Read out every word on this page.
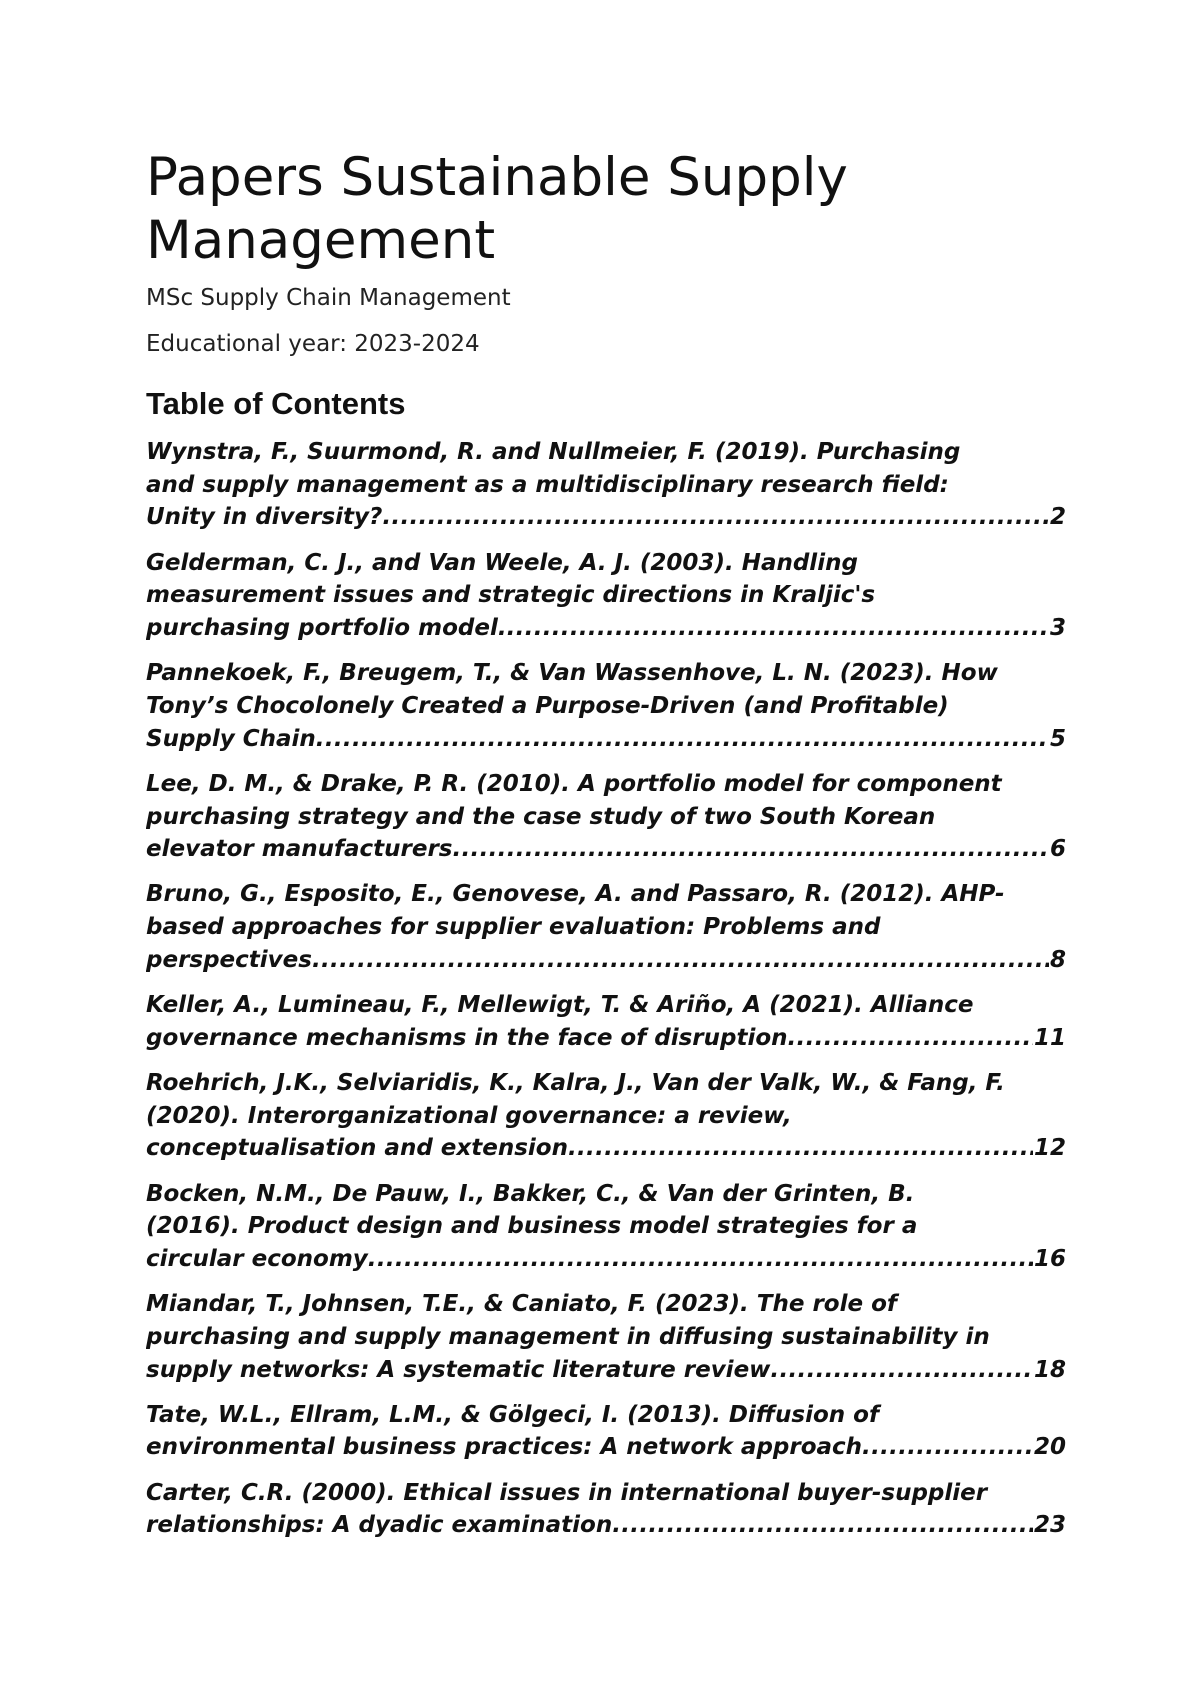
Papers Sustainable Supply Management

MSc Supply Chain Management

Educational year: 2023-2024

Table of Contents
Wynstra, F., Suurmond, R. and Nullmeier, F. (2019). Purchasing
and supply management as a multidisciplinary research field:
Unity in diversity? .....	2
Gelderman, C. J., and Van Weele, A. J. (2003). Handling
measurement issues and strategic directions in Kraljic's
purchasing portfolio model. .....	3
Pannekoek, F., Breugem, T., & Van Wassenhove, L. N. (2023). How
Tony’s Chocolonely Created a Purpose-Driven (and Profitable)
Supply Chain .....	5
Lee, D. M., & Drake, P. R. (2010). A portfolio model for component
purchasing strategy and the case study of two South Korean
elevator manufacturers .....	6
Bruno, G., Esposito, E., Genovese, A. and Passaro, R. (2012). AHP-
based approaches for supplier evaluation: Problems and
perspectives .....	8
Keller, A., Lumineau, F., Mellewigt, T. & Ariño, A (2021). Alliance
governance mechanisms in the face of disruption .....	11
Roehrich, J.K., Selviaridis, K., Kalra, J., Van der Valk, W., & Fang, F.
(2020). Interorganizational governance: a review,
conceptualisation and extension .....	12
Bocken, N.M., De Pauw, I., Bakker, C., & Van der Grinten, B.
(2016). Product design and business model strategies for a
circular economy .....	16
Miandar, T., Johnsen, T.E., & Caniato, F. (2023). The role of
purchasing and supply management in diffusing sustainability in
supply networks: A systematic literature review .....	18
Tate, W.L., Ellram, L.M., & Gölgeci, I. (2013). Diffusion of
environmental business practices: A network approach .....	20
Carter, C.R. (2000). Ethical issues in international buyer-supplier
relationships: A dyadic examination .....	23
